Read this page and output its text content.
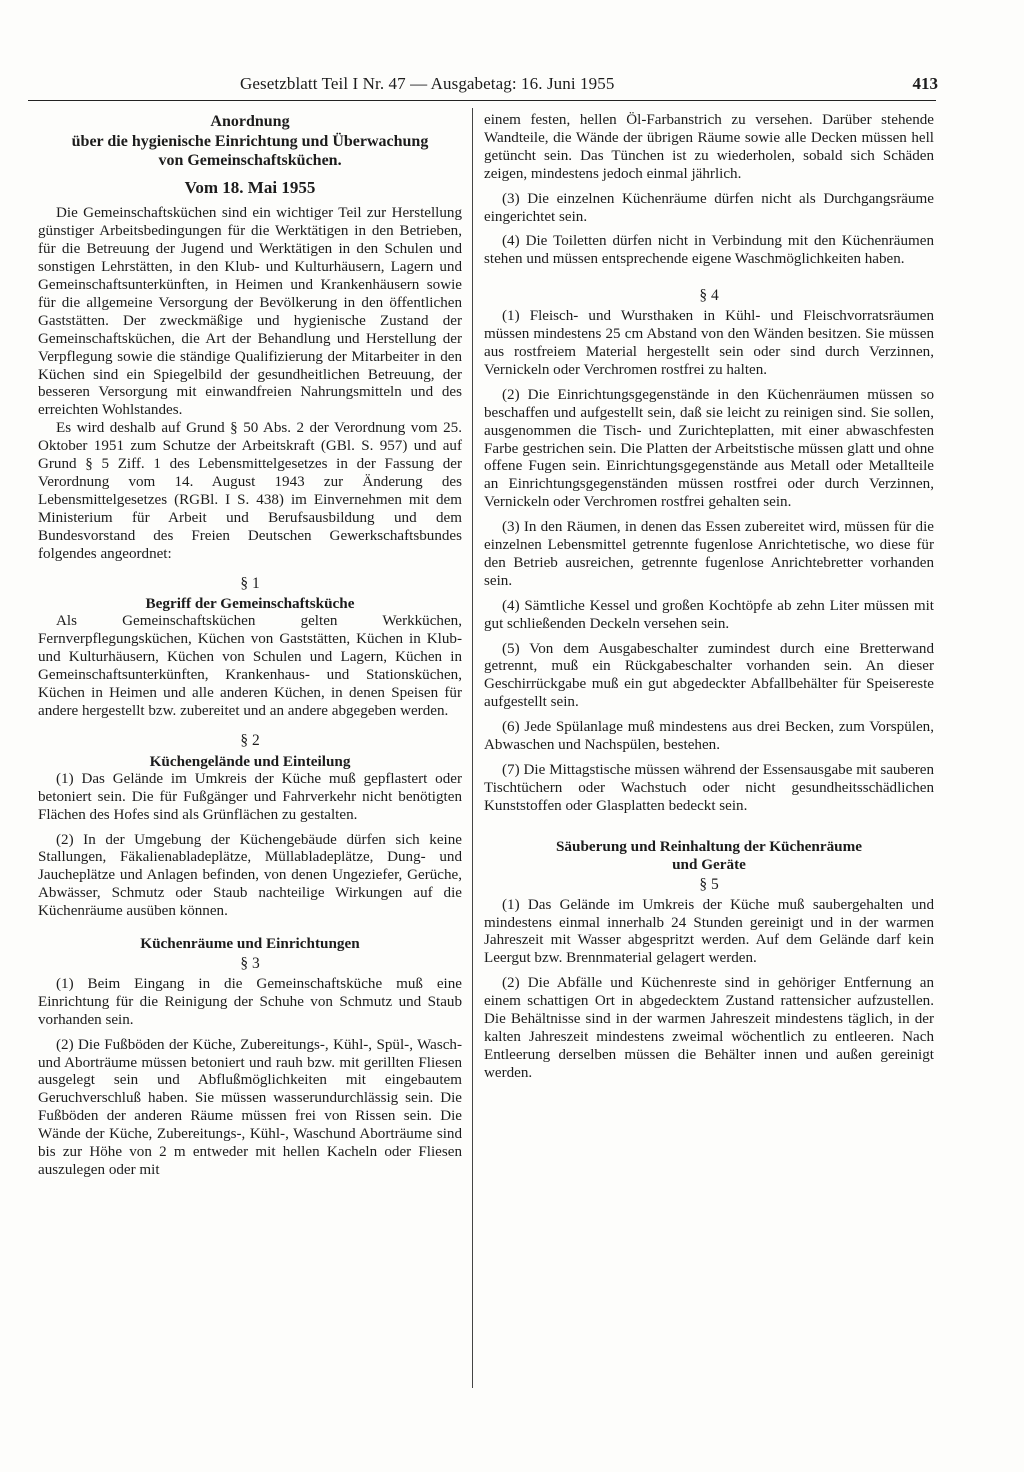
Gesetzblatt Teil I Nr. 47 — Ausgabetag: 16. Juni 1955	413
Anordnung
über die hygienische Einrichtung und Überwachung
von Gemeinschaftsküchen.
Vom 18. Mai 1955

Die Gemeinschaftsküchen sind ein wichtiger Teil zur Herstellung günstiger Arbeitsbedingungen für die Werktätigen in den Betrieben, für die Betreuung der Jugend und Werktätigen in den Schulen und sonstigen Lehrstätten, in den Klub- und Kulturhäusern, Lagern und Gemeinschaftsunterkünften, in Heimen und Krankenhäusern sowie für die allgemeine Versorgung der Bevölkerung in den öffentlichen Gaststätten. Der zweckmäßige und hygienische Zustand der Gemeinschaftsküchen, die Art der Behandlung und Herstellung der Verpflegung sowie die ständige Qualifizierung der Mitarbeiter in den Küchen sind ein Spiegelbild der gesundheitlichen Betreuung, der besseren Versorgung mit einwandfreien Nahrungsmitteln und des erreichten Wohlstandes.

Es wird deshalb auf Grund § 50 Abs. 2 der Verordnung vom 25. Oktober 1951 zum Schutze der Arbeitskraft (GBl. S. 957) und auf Grund § 5 Ziff. 1 des Lebensmittelgesetzes in der Fassung der Verordnung vom 14. August 1943 zur Änderung des Lebensmittelgesetzes (RGBl. I S. 438) im Einvernehmen mit dem Ministerium für Arbeit und Berufsausbildung und dem Bundesvorstand des Freien Deutschen Gewerkschaftsbundes folgendes angeordnet:

§ 1
Begriff der Gemeinschaftsküche

Als Gemeinschaftsküchen gelten Werkküchen, Fernverpflegungsküchen, Küchen von Gaststätten, Küchen in Klub- und Kulturhäusern, Küchen von Schulen und Lagern, Küchen in Gemeinschaftsunterkünften, Krankenhaus- und Stationsküchen, Küchen in Heimen und alle anderen Küchen, in denen Speisen für andere hergestellt bzw. zubereitet und an andere abgegeben werden.

§ 2
Küchengelände und Einteilung

(1) Das Gelände im Umkreis der Küche muß gepflastert oder betoniert sein. Die für Fußgänger und Fahrverkehr nicht benötigten Flächen des Hofes sind als Grünflächen zu gestalten.

(2) In der Umgebung der Küchengebäude dürfen sich keine Stallungen, Fäkalienabladeplätze, Müllabladeplätze, Dung- und Jaucheplätze und Anlagen befinden, von denen Ungeziefer, Gerüche, Abwässer, Schmutz oder Staub nachteilige Wirkungen auf die Küchenräume ausüben können.

Küchenräume und Einrichtungen
§ 3

(1) Beim Eingang in die Gemeinschaftsküche muß eine Einrichtung für die Reinigung der Schuhe von Schmutz und Staub vorhanden sein.

(2) Die Fußböden der Küche, Zubereitungs-, Kühl-, Spül-, Wasch- und Aborträume müssen betoniert und rauh bzw. mit gerillten Fliesen ausgelegt sein und Abflußmöglichkeiten mit eingebautem Geruchverschluß haben. Sie müssen wasserundurchlässig sein. Die Fußböden der anderen Räume müssen frei von Rissen sein. Die Wände der Küche, Zubereitungs-, Kühl-, Waschund Aborträume sind bis zur Höhe von 2 m entweder mit hellen Kacheln oder Fliesen auszulegen oder mit

einem festen, hellen Öl-Farbanstrich zu versehen. Darüber stehende Wandteile, die Wände der übrigen Räume sowie alle Decken müssen hell getüncht sein. Das Tünchen ist zu wiederholen, sobald sich Schäden zeigen, mindestens jedoch einmal jährlich.

(3) Die einzelnen Küchenräume dürfen nicht als Durchgangsräume eingerichtet sein.

(4) Die Toiletten dürfen nicht in Verbindung mit den Küchenräumen stehen und müssen entsprechende eigene Waschmöglichkeiten haben.

§ 4

(1) Fleisch- und Wursthaken in Kühl- und Fleischvorratsräumen müssen mindestens 25 cm Abstand von den Wänden besitzen. Sie müssen aus rostfreiem Material hergestellt sein oder sind durch Verzinnen, Vernickeln oder Verchromen rostfrei zu halten.

(2) Die Einrichtungsgegenstände in den Küchenräumen müssen so beschaffen und aufgestellt sein, daß sie leicht zu reinigen sind. Sie sollen, ausgenommen die Tisch- und Zurichteplatten, mit einer abwaschfesten Farbe gestrichen sein. Die Platten der Arbeitstische müssen glatt und ohne offene Fugen sein. Einrichtungsgegenstände aus Metall oder Metallteile an Einrichtungsgegenständen müssen rostfrei oder durch Verzinnen, Vernickeln oder Verchromen rostfrei gehalten sein.

(3) In den Räumen, in denen das Essen zubereitet wird, müssen für die einzelnen Lebensmittel getrennte fugenlose Anrichtetische, wo diese für den Betrieb ausreichen, getrennte fugenlose Anrichtebretter vorhanden sein.

(4) Sämtliche Kessel und großen Kochtöpfe ab zehn Liter müssen mit gut schließenden Deckeln versehen sein.

(5) Von dem Ausgabeschalter zumindest durch eine Bretterwand getrennt, muß ein Rückgabeschalter vorhanden sein. An dieser Geschirrückgabe muß ein gut abgedeckter Abfallbehälter für Speisereste aufgestellt sein.

(6) Jede Spülanlage muß mindestens aus drei Becken, zum Vorspülen, Abwaschen und Nachspülen, bestehen.

(7) Die Mittagstische müssen während der Essensausgabe mit sauberen Tischtüchern oder Wachstuch oder nicht gesundheitsschädlichen Kunststoffen oder Glasplatten bedeckt sein.

Säuberung und Reinhaltung der Küchenräume
und Geräte
§ 5

(1) Das Gelände im Umkreis der Küche muß saubergehalten und mindestens einmal innerhalb 24 Stunden gereinigt und in der warmen Jahreszeit mit Wasser abgespritzt werden. Auf dem Gelände darf kein Leergut bzw. Brennmaterial gelagert werden.

(2) Die Abfälle und Küchenreste sind in gehöriger Entfernung an einem schattigen Ort in abgedecktem Zustand rattensicher aufzustellen. Die Behältnisse sind in der warmen Jahreszeit mindestens täglich, in der kalten Jahreszeit mindestens zweimal wöchentlich zu entleeren. Nach Entleerung derselben müssen die Behälter innen und außen gereinigt werden.
